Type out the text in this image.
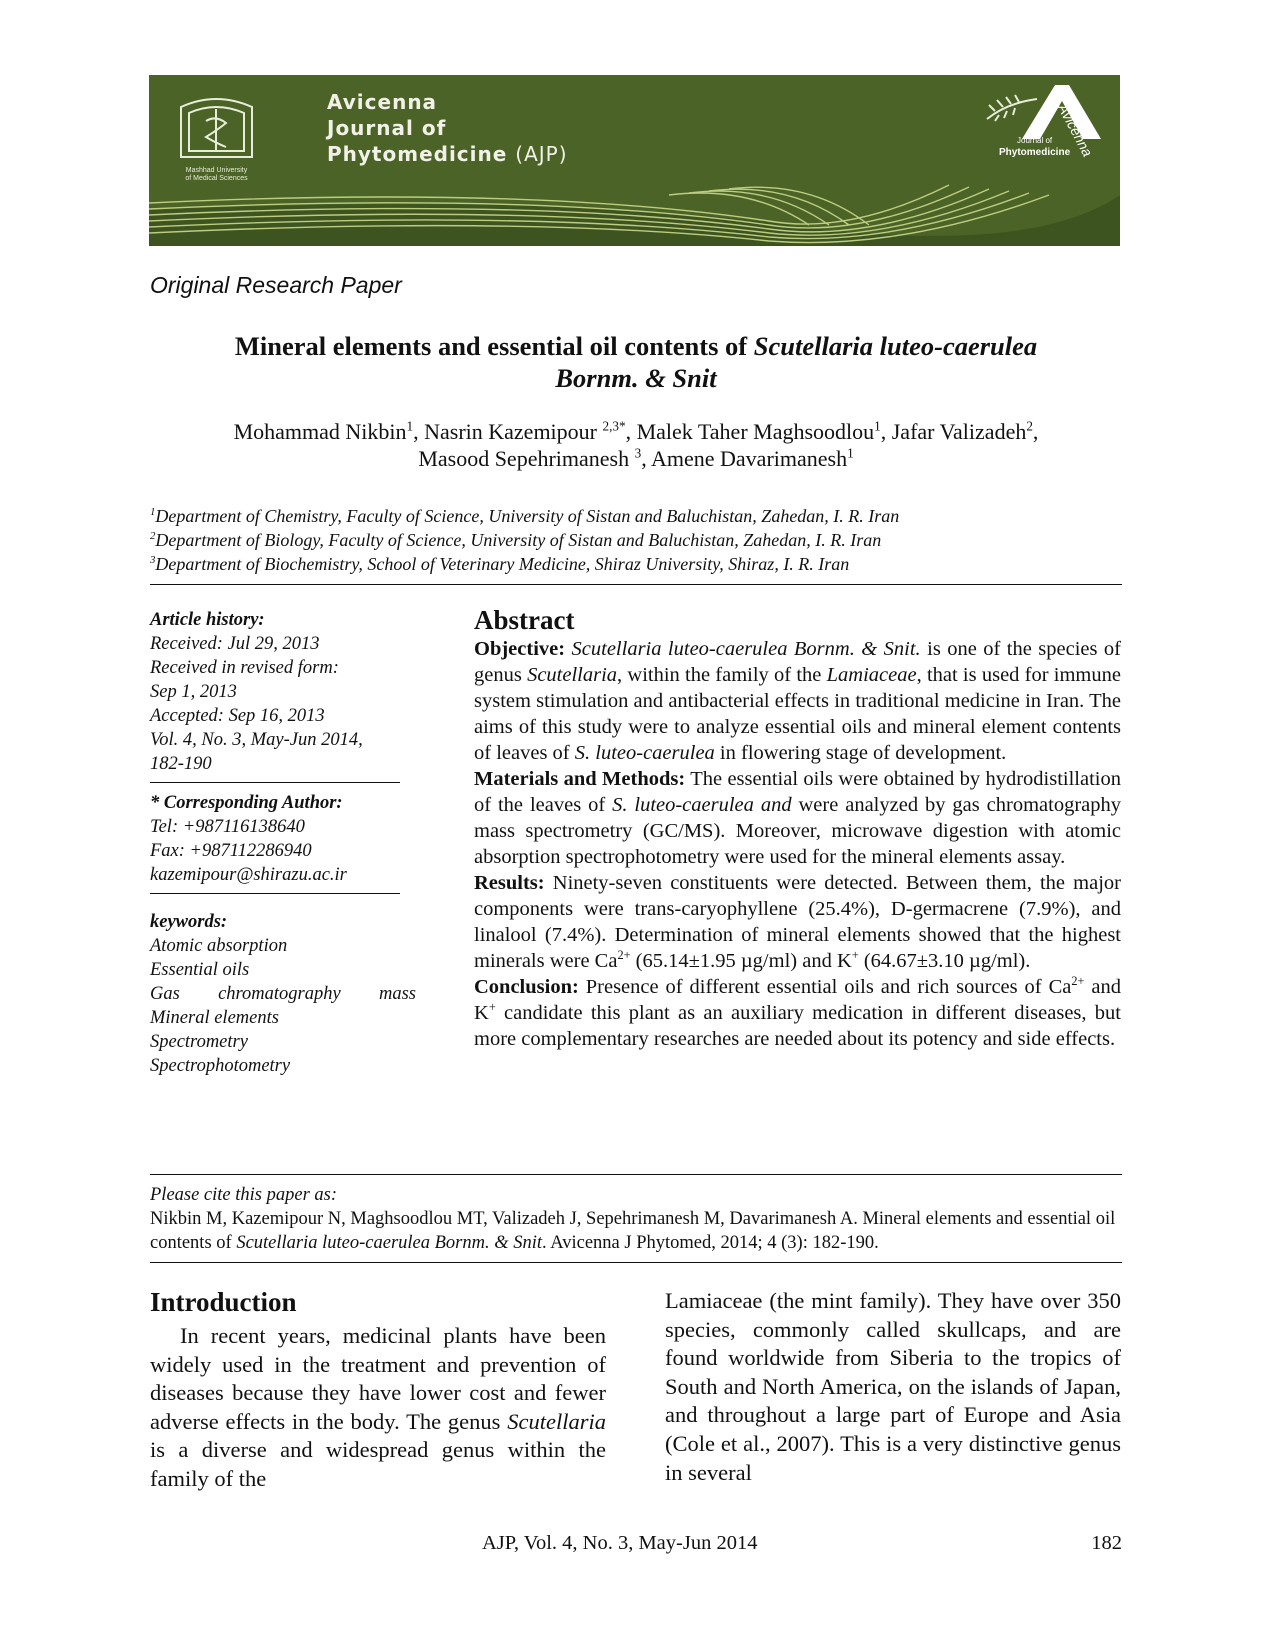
Mashhad University
of Medical Sciences
Avicenna
Journal of
Phytomedicine (AJP)
Journal of
Phytomedicine
Avicenna
Original Research Paper
Mineral elements and essential oil contents of Scutellaria luteo-caerulea
Bornm. & Snit
Mohammad Nikbin$^1$, Nasrin Kazemipour $^{2,3*}$, Malek Taher Maghsoodlou$^1$, Jafar Valizadeh$^2$,
Masood Sepehrimanesh $^3$, Amene Davarimanesh$^1$
$^1$Department of Chemistry, Faculty of Science, University of Sistan and Baluchistan, Zahedan, I. R. Iran
$^2$Department of Biology, Faculty of Science, University of Sistan and Baluchistan, Zahedan, I. R. Iran
$^3$Department of Biochemistry, School of Veterinary Medicine, Shiraz University, Shiraz, I. R. Iran
Article history:
Received: Jul 29, 2013
Received in revised form:
Sep 1, 2013
Accepted: Sep 16, 2013
Vol. 4, No. 3, May-Jun 2014,
182-190
* Corresponding Author:
Tel: +987116138640
Fax: +987112286940
kazemipour@shirazu.ac.ir
keywords:
Atomic absorption
Essential oils
Gas chromatography mass
Mineral elements
Spectrometry
Spectrophotometry
Abstract

Objective: Scutellaria luteo-caerulea Bornm. & Snit. is one of the species of genus Scutellaria, within the family of the Lamiaceae, that is used for immune system stimulation and antibacterial effects in traditional medicine in Iran. The aims of this study were to analyze essential oils and mineral element contents of leaves of S. luteo-caerulea in flowering stage of development.

Materials and Methods: The essential oils were obtained by hydrodistillation of the leaves of S. luteo-caerulea and were analyzed by gas chromatography mass spectrometry (GC/MS). Moreover, microwave digestion with atomic absorption spectrophotometry were used for the mineral elements assay.

Results: Ninety-seven constituents were detected. Between them, the major components were trans-caryophyllene (25.4%), D-germacrene (7.9%), and linalool (7.4%). Determination of mineral elements showed that the highest minerals were $Ca^{2+}$ (65.14±1.95 µg/ml) and K+ (64.67±3.10 µg/ml).

Conclusion: Presence of different essential oils and rich sources of $Ca^{2+}$ and K+ candidate this plant as an auxiliary medication in different diseases, but more complementary researches are needed about its potency and side effects.

Please cite this paper as:
Nikbin M, Kazemipour N, Maghsoodlou MT, Valizadeh J, Sepehrimanesh M, Davarimanesh A. Mineral elements and essential oil contents of Scutellaria luteo-caerulea Bornm. & Snit. Avicenna J Phytomed, 2014; 4 (3): 182-190.
Introduction

In recent years, medicinal plants have been widely used in the treatment and prevention of diseases because they have lower cost and fewer adverse effects in the body. The genus Scutellaria is a diverse and widespread genus within the family of the

Lamiaceae (the mint family). They have over 350 species, commonly called skullcaps, and are found worldwide from Siberia to the tropics of South and North America, on the islands of Japan, and throughout a large part of Europe and Asia (Cole et al., 2007). This is a very distinctive genus in several

AJP, Vol. 4, No. 3, May-Jun 2014	182
